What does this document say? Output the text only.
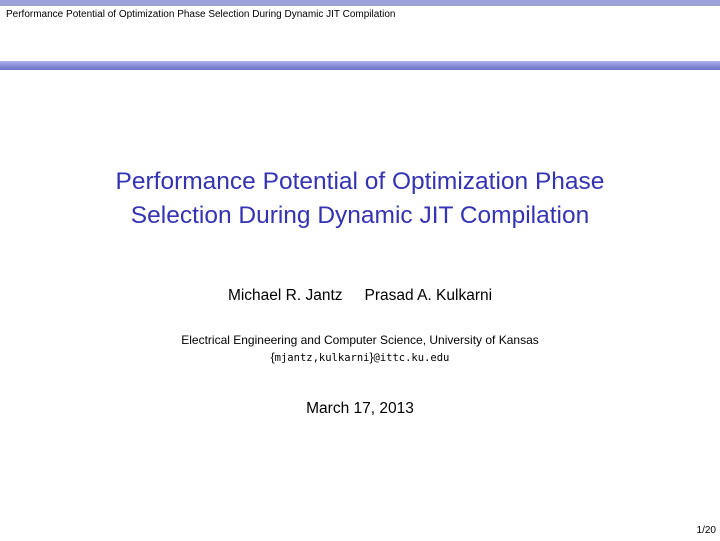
Performance Potential of Optimization Phase Selection During Dynamic JIT Compilation
Performance Potential of Optimization Phase
Selection During Dynamic JIT Compilation
Michael R. Jantz Prasad A. Kulkarni
Electrical Engineering and Computer Science, University of Kansas
{mjantz,kulkarni}@ittc.ku.edu
March 17, 2013
1/20
